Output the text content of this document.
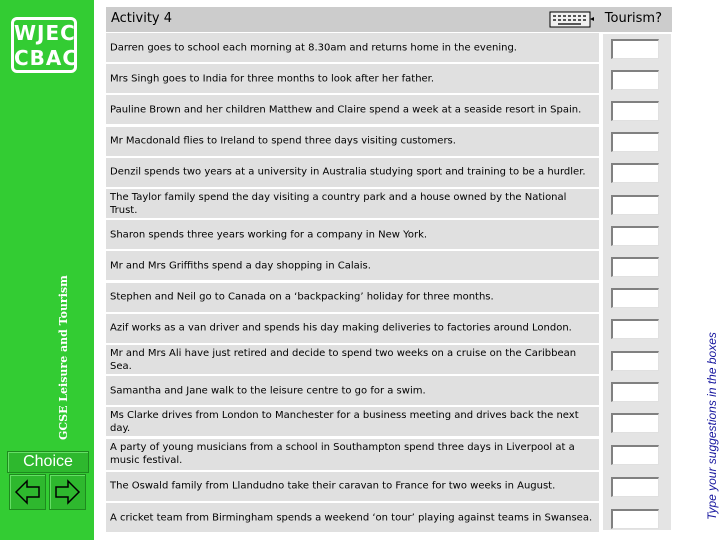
WJEC
CBAC
GCSE Leisure and Tourism
Choice
Activity 4	Tourism?
Darren goes to school each morning at 8.30am and returns home in the evening.
Mrs Singh goes to India for three months to look after her father.
Pauline Brown and her children Matthew and Claire spend a week at a seaside resort in Spain.
Mr Macdonald flies to Ireland to spend three days visiting customers.
Denzil spends two years at a university in Australia studying sport and training to be a hurdler.
The Taylor family spend the day visiting a country park and a house owned by the National Trust.
Sharon spends three years working for a company in New York.
Mr and Mrs Griffiths spend a day shopping in Calais.
Stephen and Neil go to Canada on a ‘backpacking’ holiday for three months.
Azif works as a van driver and spends his day making deliveries to factories around London.
Mr and Mrs Ali have just retired and decide to spend two weeks on a cruise on the Caribbean Sea.
Samantha and Jane walk to the leisure centre to go for a swim.
Ms Clarke drives from London to Manchester for a business meeting and drives back the next day.
A party of young musicians from a school in Southampton spend three days in Liverpool at a music festival.
The Oswald family from Llandudno take their caravan to France for two weeks in August.
A cricket team from Birmingham spends a weekend ‘on tour’ playing against teams in Swansea.	Type your suggestions in the boxes
